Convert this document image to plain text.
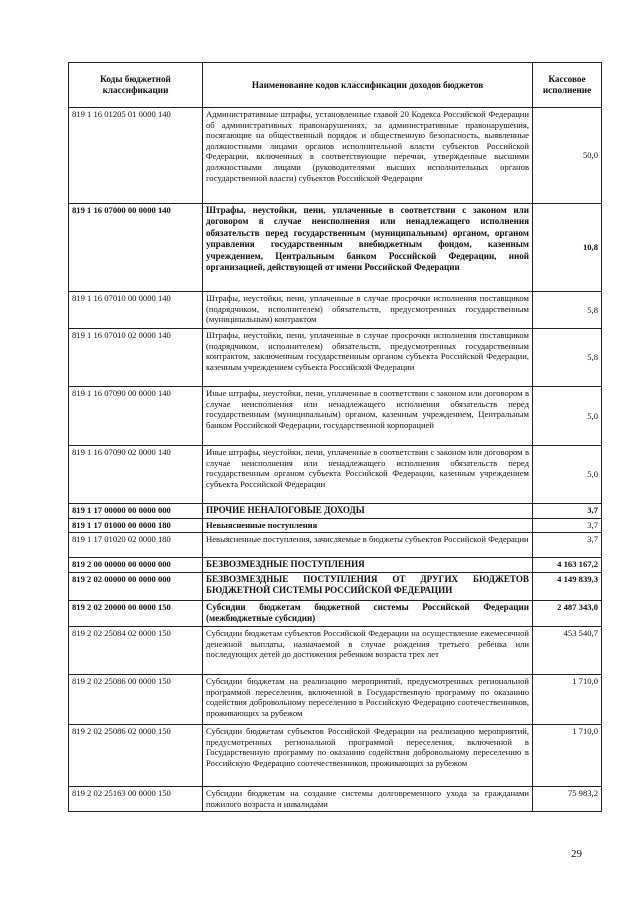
Коды бюджетной классификации	Наименование кодов классификации доходов бюджетов	Кассовое исполнение
819 1 16 01205 01 0000 140	Административные штрафы, установленные главой 20 Кодекса Российской Федерации об административных правонарушениях, за административные правонарушения, посягающие на общественный порядок и общественную безопасность, выявленные должностными лицами органов исполнительной власти субъектов Российской Федерации, включенных в соответствующие перечни, утвержденные высшими должностными лицами (руководителями высших исполнительных органов государственной власти) субъектов Российской Федерации	50,0
819 1 16 07000 00 0000 140	Штрафы, неустойки, пени, уплаченные в соответствии с законом или договором в случае неисполнения или ненадлежащего исполнения обязательств перед государственным (муниципальным) органом, органом управления государственным внебюджетным фондом, казенным учреждением, Центральным банком Российской Федерации, иной организацией, действующей от имени Российской Федерации	10,8
819 1 16 07010 00 0000 140	Штрафы, неустойки, пени, уплаченные в случае просрочки исполнения поставщиком (подрядчиком, исполнителем) обязательств, предусмотренных государственным (муниципальным) контрактом	5,8
819 1 16 07010 02 0000 140	Штрафы, неустойки, пени, уплаченные в случае просрочки исполнения поставщиком (подрядчиком, исполнителем) обязательств, предусмотренных государственным контрактом, заключенным государственным органом субъекта Российской Федерации, казенным учреждением субъекта Российской Федерации	5,8
819 1 16 07090 00 0000 140	Иные штрафы, неустойки, пени, уплаченные в соответствии с законом или договором в случае неисполнения или ненадлежащего исполнения обязательств перед государственным (муниципальным) органом, казенным учреждением, Центральным банком Российской Федерации, государственной корпорацией	5,0
819 1 16 07090 02 0000 140	Иные штрафы, неустойки, пени, уплаченные в соответствии с законом или договором в случае неисполнения или ненадлежащего исполнения обязательств перед государственным органом субъекта Российской Федерации, казенным учреждением субъекта Российской Федерации	5,0
819 1 17 00000 00 0000 000	ПРОЧИЕ НЕНАЛОГОВЫЕ ДОХОДЫ	3,7
819 1 17 01000 00 0000 180	Невыясненные поступления	3,7
819 1 17 01020 02 0000 180	Невыясненные поступления, зачисляемые в бюджеты субъектов Российской Федерации	3,7
819 2 00 00000 00 0000 000	БЕЗВОЗМЕЗДНЫЕ ПОСТУПЛЕНИЯ	4 163 167,2
819 2 02 00000 00 0000 000	БЕЗВОЗМЕЗДНЫЕ ПОСТУПЛЕНИЯ ОТ ДРУГИХ БЮДЖЕТОВ БЮДЖЕТНОЙ СИСТЕМЫ РОССИЙСКОЙ ФЕДЕРАЦИИ	4 149 839,3
819 2 02 20000 00 0000 150	Субсидии бюджетам бюджетной системы Российской Федерации (межбюджетные субсидии)	2 487 343,0
819 2 02 25084 02 0000 150	Субсидии бюджетам субъектов Российской Федерации на осуществление ежемесячной денежной выплаты, назначаемой в случае рождения третьего ребенка или последующих детей до достижения ребенком возраста трех лет	453 540,7
819 2 02 25086 00 0000 150	Субсидии бюджетам на реализацию мероприятий, предусмотренных региональной программой переселения, включенной в Государственную программу по оказанию содействия добровольному переселению в Российскую Федерацию соотечественников, проживающих за рубежом	1 710,0
819 2 02 25086 02 0000 150	Субсидии бюджетам субъектов Российской Федерации на реализацию мероприятий, предусмотренных региональной программой переселения, включенной в Государственную программу по оказанию содействия добровольному переселению в Российскую Федерацию соотечественников, проживающих за рубежом	1 710,0
819 2 02 25163 00 0000 150	Субсидии бюджетам на создание системы долговременного ухода за гражданами пожилого возраста и инвалидами	75 983,2
29
